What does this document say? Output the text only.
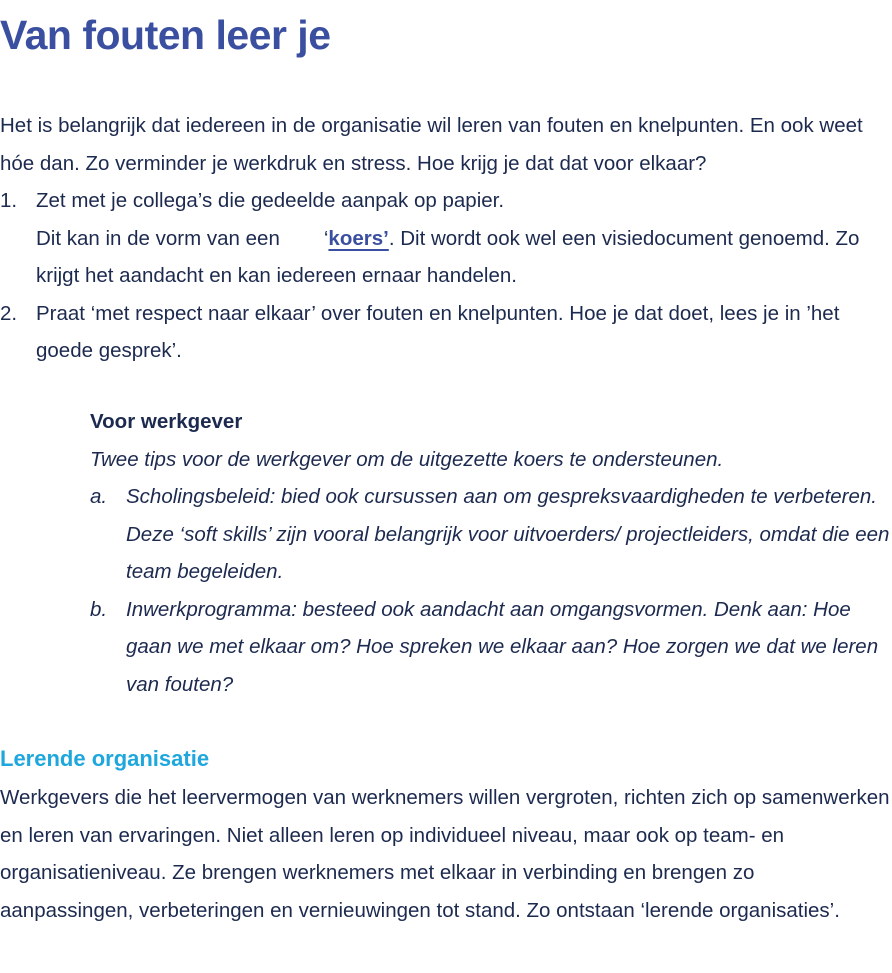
Van fouten leer je

Het is belangrijk dat iedereen in de organisatie wil leren van fouten en knelpunten. En ook weet hóe dan. Zo verminder je werkdruk en stress. Hoe krijg je dat dat voor elkaar?

1. Zet met je collega’s die gedeelde aanpak op papier.
Dit kan in de vorm van een ‘koers’. Dit wordt ook wel een visiedocument genoemd. Zo krijgt het aandacht en kan iedereen ernaar handelen.
2. Praat ‘met respect naar elkaar’ over fouten en knelpunten. Hoe je dat doet, lees je in ’het goede gesprek’.
Voor werkgever
Twee tips voor de werkgever om de uitgezette koers te ondersteunen.
a. Scholingsbeleid: bied ook cursussen aan om gespreksvaardigheden te verbeteren. Deze ‘soft skills’ zijn vooral belangrijk voor uitvoerders/ projectleiders, omdat die een team begeleiden.
b. Inwerkprogramma: besteed ook aandacht aan omgangsvormen. Denk aan: Hoe gaan we met elkaar om? Hoe spreken we elkaar aan? Hoe zorgen we dat we leren van fouten?
Lerende organisatie

Werkgevers die het leervermogen van werknemers willen vergroten, richten zich op samenwerken en leren van ervaringen. Niet alleen leren op individueel niveau, maar ook op team- en organisatieniveau. Ze brengen werknemers met elkaar in verbinding en brengen zo aanpassingen, verbeteringen en vernieuwingen tot stand. Zo ontstaan ‘lerende organisaties’.
